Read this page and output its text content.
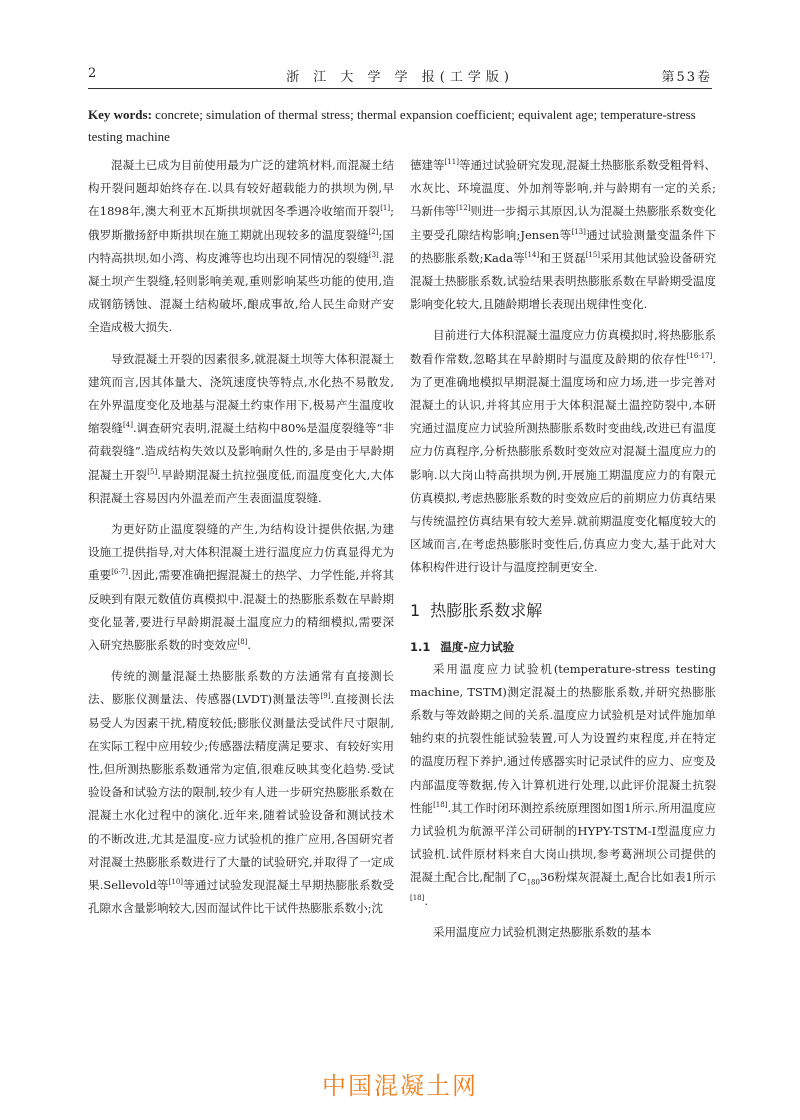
2	浙 江 大 学 学 报(工学版)	第53卷
Key words: concrete; simulation of thermal stress; thermal expansion coefficient; equivalent age; temperature-stress testing machine

混凝土已成为目前使用最为广泛的建筑材料,而混凝土结构开裂问题却始终存在.以具有较好超载能力的拱坝为例,早在1898年,澳大利亚木瓦斯拱坝就因冬季遇冷收缩而开裂[1];俄罗斯撒扬舒申斯拱坝在施工期就出现较多的温度裂缝[2];国内特高拱坝,如小湾、构皮滩等也均出现不同情况的裂缝[3].混凝土坝产生裂缝,轻则影响美观,重则影响某些功能的使用,造成钢筋锈蚀、混凝土结构破坏,酿成事故,给人民生命财产安全造成极大损失.

导致混凝土开裂的因素很多,就混凝土坝等大体积混凝土建筑而言,因其体量大、浇筑速度快等特点,水化热不易散发,在外界温度变化及地基与混凝土约束作用下,极易产生温度收缩裂缝[4].调查研究表明,混凝土结构中80%是温度裂缝等“非荷载裂缝”.造成结构失效以及影响耐久性的,多是由于早龄期混凝土开裂[5].早龄期混凝土抗拉强度低,而温度变化大,大体积混凝土容易因内外温差而产生表面温度裂缝.

为更好防止温度裂缝的产生,为结构设计提供依据,为建设施工提供指导,对大体积混凝土进行温度应力仿真显得尤为重要[6-7].因此,需要准确把握混凝土的热学、力学性能,并将其反映到有限元数值仿真模拟中.混凝土的热膨胀系数在早龄期变化显著,要进行早龄期混凝土温度应力的精细模拟,需要深入研究热膨胀系数的时变效应[8].

传统的测量混凝土热膨胀系数的方法通常有直接测长法、膨胀仪测量法、传感器(LVDT)测量法等[9].直接测长法易受人为因素干扰,精度较低;膨胀仪测量法受试件尺寸限制,在实际工程中应用较少;传感器法精度满足要求、有较好实用性,但所测热膨胀系数通常为定值,很难反映其变化趋势.受试验设备和试验方法的限制,较少有人进一步研究热膨胀系数在混凝土水化过程中的演化.近年来,随着试验设备和测试技术的不断改进,尤其是温度-应力试验机的推广应用,各国研究者对混凝土热膨胀系数进行了大量的试验研究,并取得了一定成果.Sellevold等[10]等通过试验发现混凝土早期热膨胀系数受孔隙水含量影响较大,因而湿试件比干试件热膨胀系数小;沈

德建等[11]等通过试验研究发现,混凝土热膨胀系数受粗骨料、水灰比、环境温度、外加剂等影响,并与龄期有一定的关系;马新伟等[12]则进一步揭示其原因,认为混凝土热膨胀系数变化主要受孔隙结构影响;Jensen等[13]通过试验测量变温条件下的热膨胀系数;Kada等[14]和王贤磊[15]采用其他试验设备研究混凝土热膨胀系数,试验结果表明热膨胀系数在早龄期受温度影响变化较大,且随龄期增长表现出规律性变化.

目前进行大体积混凝土温度应力仿真模拟时,将热膨胀系数看作常数,忽略其在早龄期时与温度及龄期的依存性[16-17].为了更准确地模拟早期混凝土温度场和应力场,进一步完善对混凝土的认识,并将其应用于大体积混凝土温控防裂中,本研究通过温度应力试验所测热膨胀系数时变曲线,改进已有温度应力仿真程序,分析热膨胀系数时变效应对混凝土温度应力的影响.以大岗山特高拱坝为例,开展施工期温度应力的有限元仿真模拟,考虑热膨胀系数的时变效应后的前期应力仿真结果与传统温控仿真结果有较大差异.就前期温度变化幅度较大的区域而言,在考虑热膨胀时变性后,仿真应力变大,基于此对大体积构件进行设计与温度控制更安全.

1 热膨胀系数求解
1.1 温度-应力试验

采用温度应力试验机(temperature-stress testing machine, TSTM)测定混凝土的热膨胀系数,并研究热膨胀系数与等效龄期之间的关系.温度应力试验机是对试件施加单轴约束的抗裂性能试验装置,可人为设置约束程度,并在特定的温度历程下养护,通过传感器实时记录试件的应力、应变及内部温度等数据,传入计算机进行处理,以此评价混凝土抗裂性能[18].其工作时闭环测控系统原理图如图1所示.所用温度应力试验机为航源平洋公司研制的HYPY-TSTM-I型温度应力试验机.试件原材料来自大岗山拱坝,参考葛洲坝公司提供的混凝土配合比,配制了$C_{180}36$粉煤灰混凝土,配合比如表1所示[18].

采用温度应力试验机测定热膨胀系数的基本

中国混凝土网
